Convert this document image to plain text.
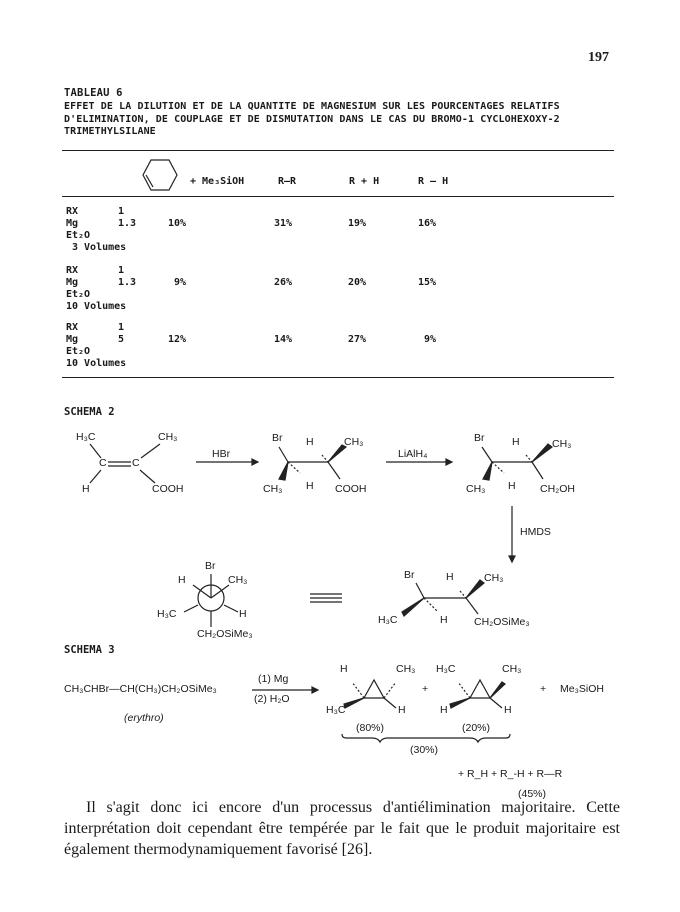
197
TABLEAU 6
EFFET DE LA DILUTION ET DE LA QUANTITE DE MAGNESIUM SUR LES POURCENTAGES RELATIFS D'ELIMINATION, DE COUPLAGE ET DE DISMUTATION DANS LE CAS DU BROMO-1 CYCLOHEXOXY-2 TRIMETHYLSILANE
+ Me₃SiOH	R—R	R + H	R — H
RX	1
Mg	1.3
Et₂O
3 Volumes
10%	31%	19%	16%
RX	1
Mg	1.3
Et₂O
10 Volumes
9%	26%	20%	15%
RX	1
Mg	5
Et₂O
10 Volumes
12%	14%	27%	9%
SCHEMA 2
H₃C	CH₃
C C
H	COOH
HBr
Br H	CH₃
CH₃ H COOH
LiAlH₄
Br	H	CH₃
CH₃ H CH₂OH
HMDS
Br
H	CH₃
H₃C	H
CH₂OSiMe₃
Br	H	CH₃
H₃C	H	CH₂OSiMe₃
SCHEMA 3
CH₃CHBr—CH(CH₃)CH₂OSiMe₃
(erythro)
(1) Mg
(2) H₂O
H	CH₃
H₃C	H
+
H₃C	CH₃
H	H
+ Me₃SiOH
(80%)	(20%)
(30%)
+ R_H + R_-H + R—R
(45%)
Il s'agit donc ici encore d'un processus d'antiélimination majoritaire. Cette interprétation doit cependant être tempérée par le fait que le produit majoritaire est également thermodynamiquement favorisé [26].
